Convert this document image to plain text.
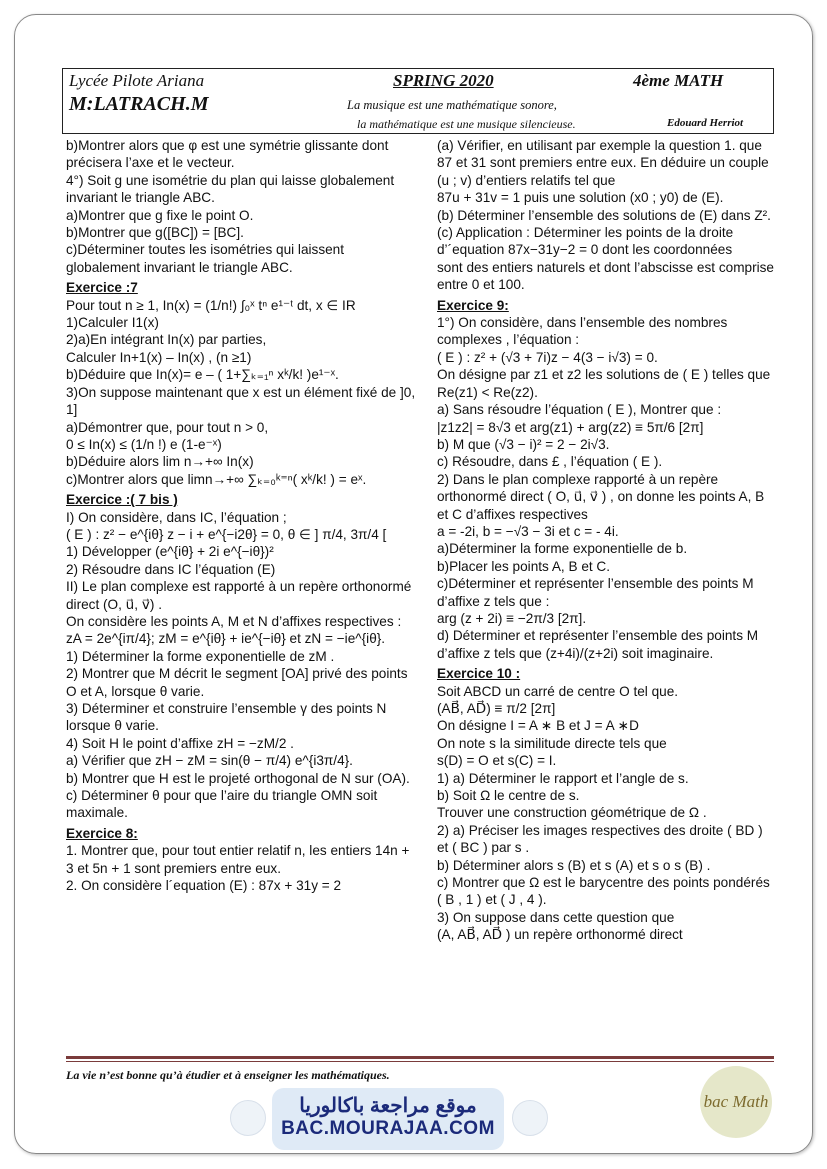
Lycée Pilote Ariana	SPRING 2020	4ème MATH
M:LATRACH.M	La musique est une mathématique sonore,
la mathématique est une musique silencieuse.	Edouard Herriot

b)Montrer alors que φ est une symétrie glissante dont précisera l’axe et le vecteur.

4°) Soit g une isométrie du plan qui laisse globalement invariant le triangle ABC.

a)Montrer que g fixe le point O.

b)Montrer que g([BC]) = [BC].

c)Déterminer toutes les isométries qui laissent globalement invariant le triangle ABC.

Exercice :7

Pour tout n ≥ 1, In(x) = (1/n!) ∫₀ˣ tⁿ e¹⁻ᵗ dt, x ∈ IR

1)Calculer I1(x)

2)a)En intégrant In(x) par parties,

Calculer In+1(x) – In(x) , (n ≥1)

b)Déduire que In(x)= e – ( 1+∑ₖ₌₁ⁿ xᵏ/k! )e¹⁻ˣ.

3)On suppose maintenant que x est un élément fixé de ]0, 1]

a)Démontrer que, pour tout n > 0,

0 ≤ In(x) ≤ (1/n !) e (1-e⁻ˣ)

b)Déduire alors lim n→+∞ In(x)

c)Montrer alors que limn→+∞ ∑ₖ₌₀ᵏ⁼ⁿ( xᵏ/k! ) = eˣ.

Exercice :( 7 bis )

I) On considère, dans IC, l’équation ;

( E ) : z² − e^{iθ} z − i + e^{−i2θ} = 0, θ ∈ ] π/4, 3π/4 [

1) Développer (e^{iθ} + 2i e^{−iθ})²

2) Résoudre dans IC l’équation (E)

II) Le plan complexe est rapporté à un repère orthonormé direct (O, u⃗, v⃗) .

On considère les points A, M et N d’affixes respectives :

zA = 2e^{iπ/4}; zM = e^{iθ} + ie^{−iθ} et zN = −ie^{iθ}.

1) Déterminer la forme exponentielle de zM .

2) Montrer que M décrit le segment [OA] privé des points O et A, lorsque θ varie.

3) Déterminer et construire l’ensemble γ des points N lorsque θ varie.

4) Soit H le point d’affixe zH = −zM/2 .

a) Vérifier que zH − zM = sin(θ − π/4) e^{i3π/4}.

b) Montrer que H est le projeté orthogonal de N sur (OA).

c) Déterminer θ pour que l’aire du triangle OMN soit maximale.

Exercice 8:

1. Montrer que, pour tout entier relatif n, les entiers 14n + 3 et 5n + 1 sont premiers entre eux.

2. On considère l´equation (E) : 87x + 31y = 2

(a) Vérifier, en utilisant par exemple la question 1. que 87 et 31 sont premiers entre eux. En déduire un couple (u ; v) d’entiers relatifs tel que

87u + 31v = 1 puis une solution (x0 ; y0) de (E).

(b) Déterminer l’ensemble des solutions de (E) dans Z².

(c) Application : Déterminer les points de la droite

d’´equation 87x−31y−2 = 0 dont les coordonnées

sont des entiers naturels et dont l’abscisse est comprise entre 0 et 100.

Exercice 9:

1°) On considère, dans l’ensemble des nombres complexes , l’équation :

( E ) : z² + (√3 + 7i)z − 4(3 − i√3) = 0.

On désigne par z1 et z2 les solutions de ( E ) telles que Re(z1) < Re(z2).

a) Sans résoudre l’équation ( E ), Montrer que :

|z1z2| = 8√3 et arg(z1) + arg(z2) ≡ 5π/6 [2π]

b) M que (√3 − i)² = 2 − 2i√3.

c) Résoudre, dans £ , l’équation ( E ).

2) Dans le plan complexe rapporté à un repère orthonormé direct ( O, u⃗, v⃗ ) , on donne les points A, B et C d’affixes respectives

a = -2i, b = −√3 − 3i et c = - 4i.

a)Déterminer la forme exponentielle de b.

b)Placer les points A, B et C.

c)Déterminer et représenter l’ensemble des points M d’affixe z tels que :

arg (z + 2i) ≡ −2π/3 [2π].

d) Déterminer et représenter l’ensemble des points M d’affixe z tels que (z+4i)/(z+2i) soit imaginaire.

Exercice 10 :

Soit ABCD un carré de centre O tel que.

(AB⃗, AD⃗) ≡ π/2 [2π]

On désigne I = A ∗ B et J = A ∗D

On note s la similitude directe tels que

s(D) = O et s(C) = I.

1) a) Déterminer le rapport et l’angle de s.

b) Soit Ω le centre de s.

Trouver une construction géométrique de Ω .

2) a) Préciser les images respectives des droite ( BD ) et ( BC ) par s .

b) Déterminer alors s (B) et s (A) et s o s (B) .

c) Montrer que Ω est le barycentre des points pondérés ( B , 1 ) et ( J , 4 ).

3) On suppose dans cette question que

(A, AB⃗, AD⃗ ) un repère orthonormé direct

La vie n’est bonne qu’à étudier et à enseigner les mathématiques.
موقع مراجعة باكالوريا
BAC.MOURAJAA.COM
bac Math
